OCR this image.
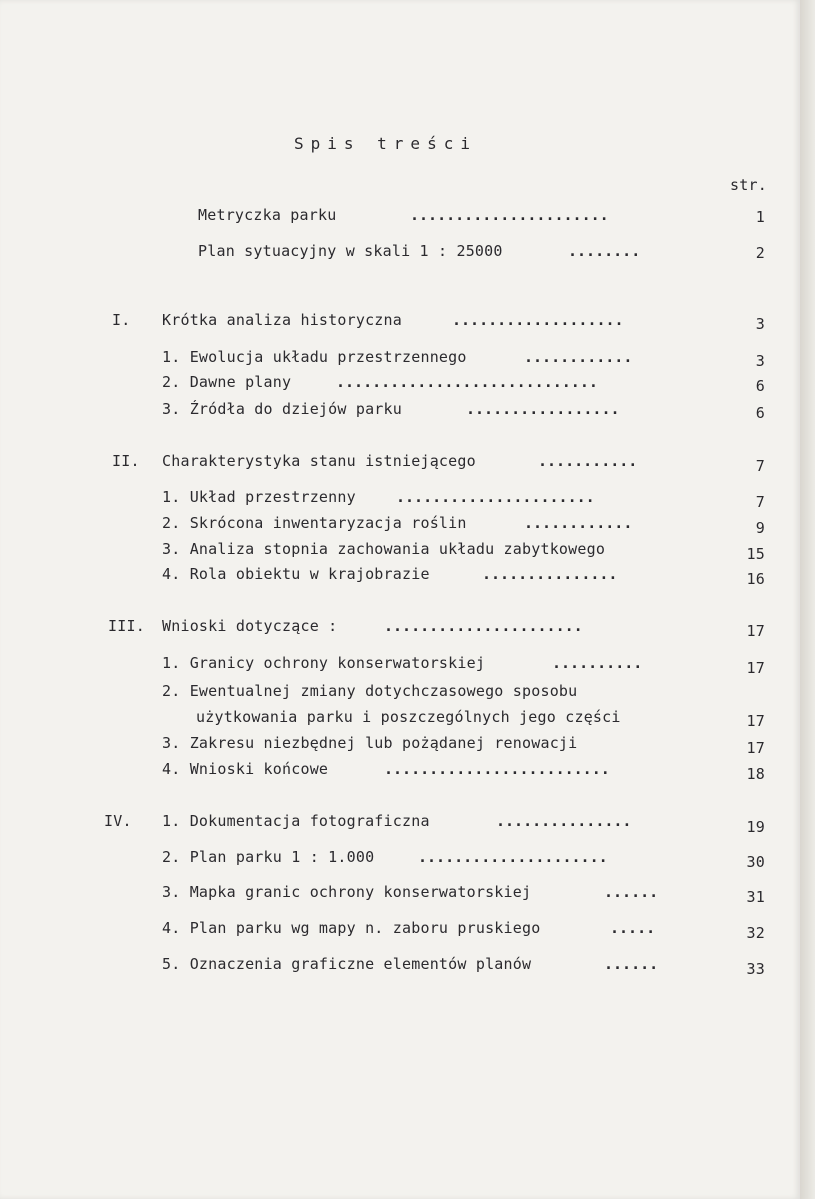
Spis treści
str.
Metryczka parku	......................	1
Plan sytuacyjny w skali 1 : 25000	........	2
I. Krótka analiza historyczna	...................	3
1. Ewolucja układu przestrzennego	............	3
2. Dawne plany	.............................	6
3. Źródła do dziejów parku	.................	6
II. Charakterystyka stanu istniejącego	...........	7
1. Układ przestrzenny	......................	7
2. Skrócona inwentaryzacja roślin	............	9
3. Analiza stopnia zachowania układu zabytkowego	15
4. Rola obiektu w krajobrazie	...............	16
III. Wnioski dotyczące :	......................	17
1. Granicy ochrony konserwatorskiej	..........	17
2. Ewentualnej zmiany dotychczasowego sposobu
użytkowania parku i poszczególnych jego części	17
3. Zakresu niezbędnej lub pożądanej renowacji	17
4. Wnioski końcowe	.........................	18
IV. 1. Dokumentacja fotograficzna	...............	19
2. Plan parku 1 : 1.000	.....................	30
3. Mapka granic ochrony konserwatorskiej	......	31
4. Plan parku wg mapy n. zaboru pruskiego	.....	32
5. Oznaczenia graficzne elementów planów	......	33
